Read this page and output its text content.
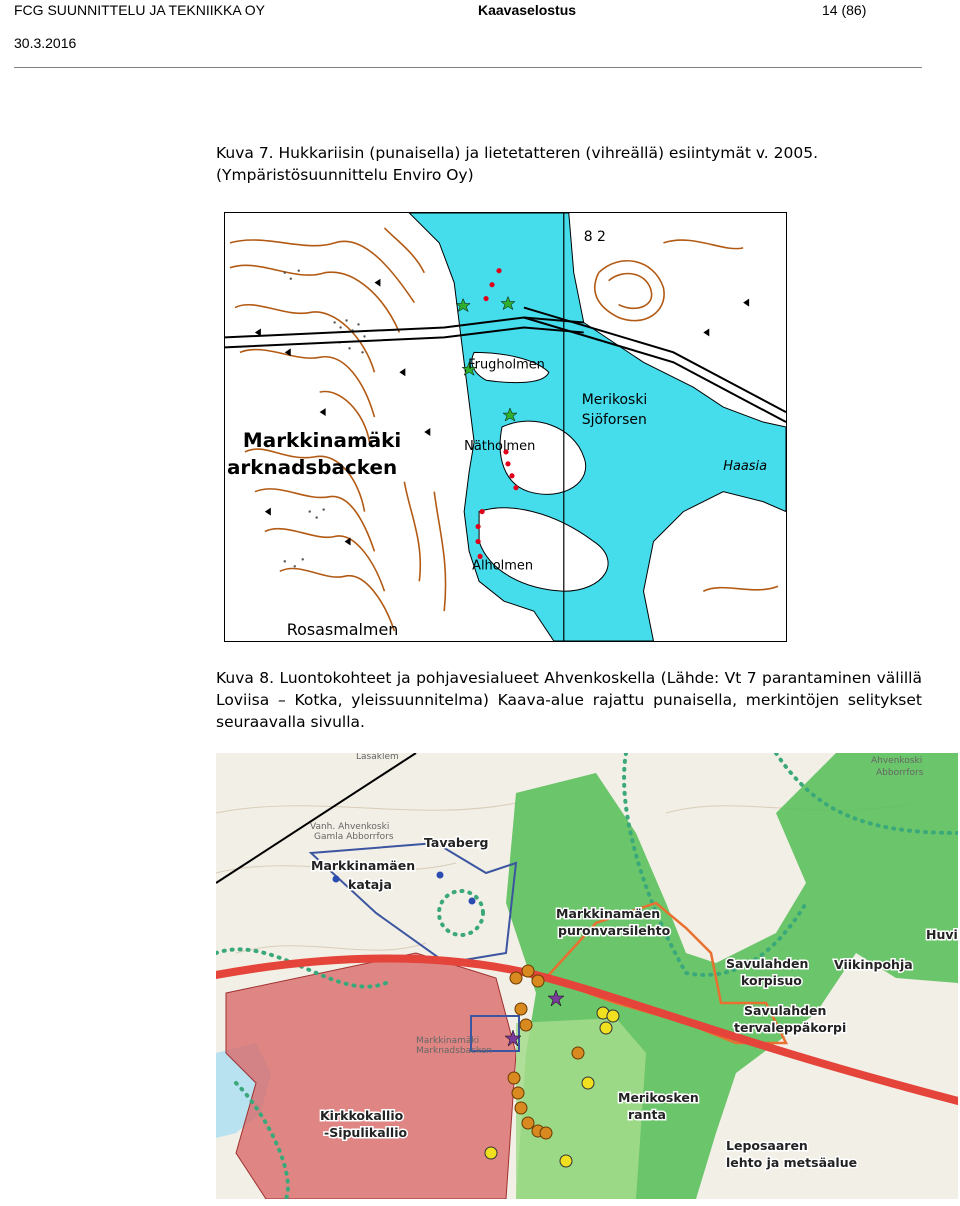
FCG SUUNNITTELU JA TEKNIIKKA OY	Kaavaselostus	14 (86)
30.3.2016
Kuva 7. Hukkariisin (punaisella) ja lietetatteren (vihreällä) esiintymät v. 2005. (Ympäristösuunnittelu Enviro Oy)
Markkinamäki
arknadsbacken
Frugholmen
Merikoski
Sjöforsen
Nätholmen
Alholmen
Rosasmalmen
Haasia
8 2
Kuva 8. Luontokohteet ja pohjavesialueet Ahvenkoskella (Lähde: Vt 7 parantaminen välillä Loviisa – Kotka, yleissuunnitelma) Kaava-alue rajattu punaisella, merkintöjen selitykset seuraavalla sivulla.
Lasaklem	Ahvenkoski
Abborrfors
Vanh. Ahvenkoski
Gamla Abborrfors
Markkinamäki
Marknadsbacken
Tavaberg
Markkinamäen
kataja
Markkinamäen
puronvarsilehto	Huvi
Savulahden
korpisuo
Viikinpohja
Savulahden
tervaleppäkorpi
Merikosken
ranta
Kirkkokallio
-Sipulikallio
Leposaaren
lehto ja metsäalue
